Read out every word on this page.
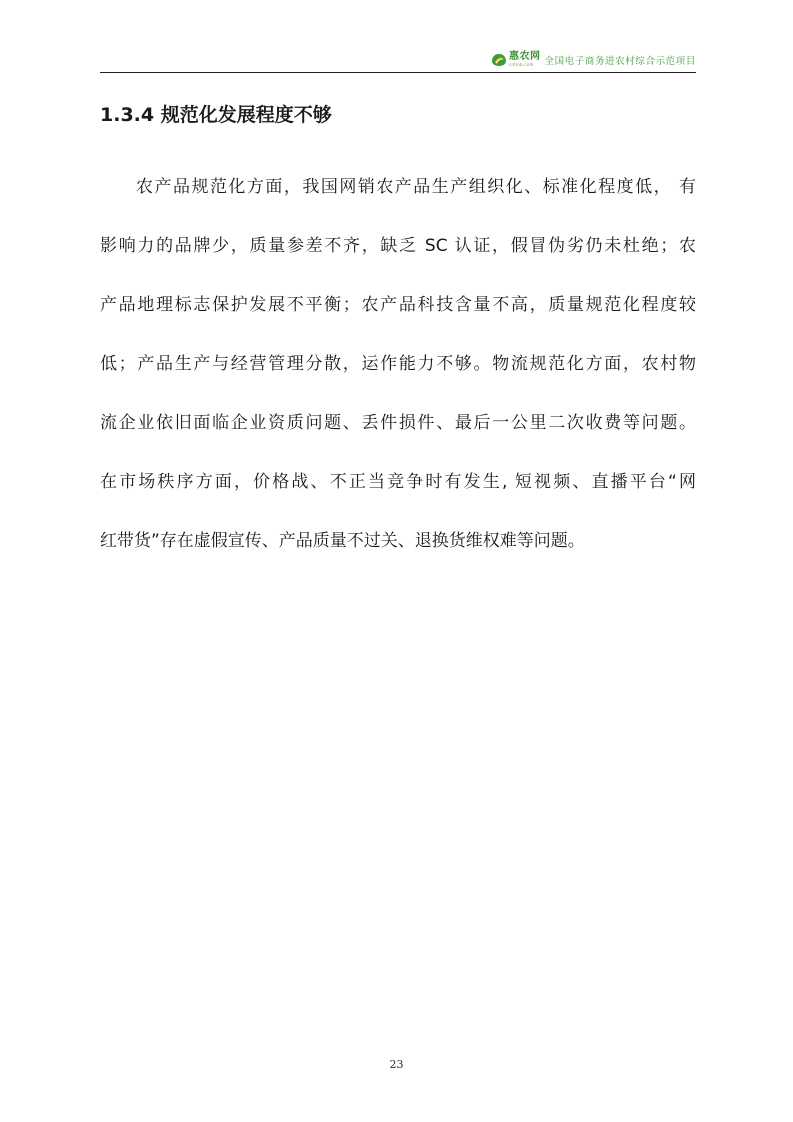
惠农网
cnhnb.com	全国电子商务进农村综合示范项目
1.3.4 规范化发展程度不够
农产品规范化方面，我国网销农产品生产组织化、标准化程度低， 有
影响力的品牌少，质量参差不齐，缺乏 SC 认证，假冒伪劣仍未杜绝；农
产品地理标志保护发展不平衡；农产品科技含量不高，质量规范化程度较
低；产品生产与经营管理分散，运作能力不够。物流规范化方面，农村物
流企业依旧面临企业资质问题、丢件损件、最后一公里二次收费等问题。
在市场秩序方面，价格战、不正当竞争时有发生, 短视频、直播平台“网
红带货”存在虚假宣传、产品质量不过关、退换货维权难等问题。
23
